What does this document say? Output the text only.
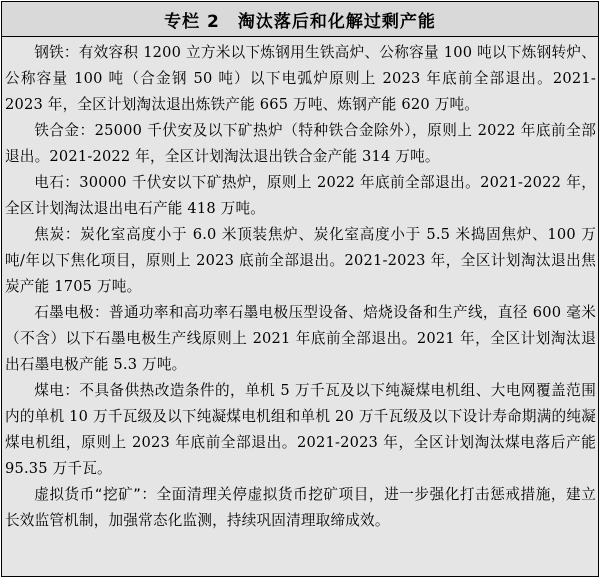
专栏 2　淘汰落后和化解过剩产能

钢铁：有效容积 1200 立方米以下炼钢用生铁高炉、公称容量 100 吨以下炼钢转炉、公称容量 100 吨（合金钢 50 吨）以下电弧炉原则上 2023 年底前全部退出。2021-2023 年，全区计划淘汰退出炼铁产能 665 万吨、炼钢产能 620 万吨。

铁合金：25000 千伏安及以下矿热炉（特种铁合金除外），原则上 2022 年底前全部退出。2021-2022 年，全区计划淘汰退出铁合金产能 314 万吨。

电石：30000 千伏安以下矿热炉，原则上 2022 年底前全部退出。2021-2022 年，全区计划淘汰退出电石产能 418 万吨。

焦炭：炭化室高度小于 6.0 米顶装焦炉、炭化室高度小于 5.5 米捣固焦炉、100 万吨/年以下焦化项目，原则上 2023 底前全部退出。2021-2023 年，全区计划淘汰退出焦炭产能 1705 万吨。

石墨电极：普通功率和高功率石墨电极压型设备、焙烧设备和生产线，直径 600 毫米（不含）以下石墨电极生产线原则上 2021 年底前全部退出。2021 年，全区计划淘汰退出石墨电极产能 5.3 万吨。

煤电：不具备供热改造条件的，单机 5 万千瓦及以下纯凝煤电机组、大电网覆盖范围内的单机 10 万千瓦级及以下纯凝煤电机组和单机 20 万千瓦级及以下设计寿命期满的纯凝煤电机组，原则上 2023 年底前全部退出。2021-2023 年，全区计划淘汰煤电落后产能 95.35 万千瓦。

虚拟货币“挖矿”：全面清理关停虚拟货币挖矿项目，进一步强化打击惩戒措施，建立长效监管机制，加强常态化监测，持续巩固清理取缔成效。
